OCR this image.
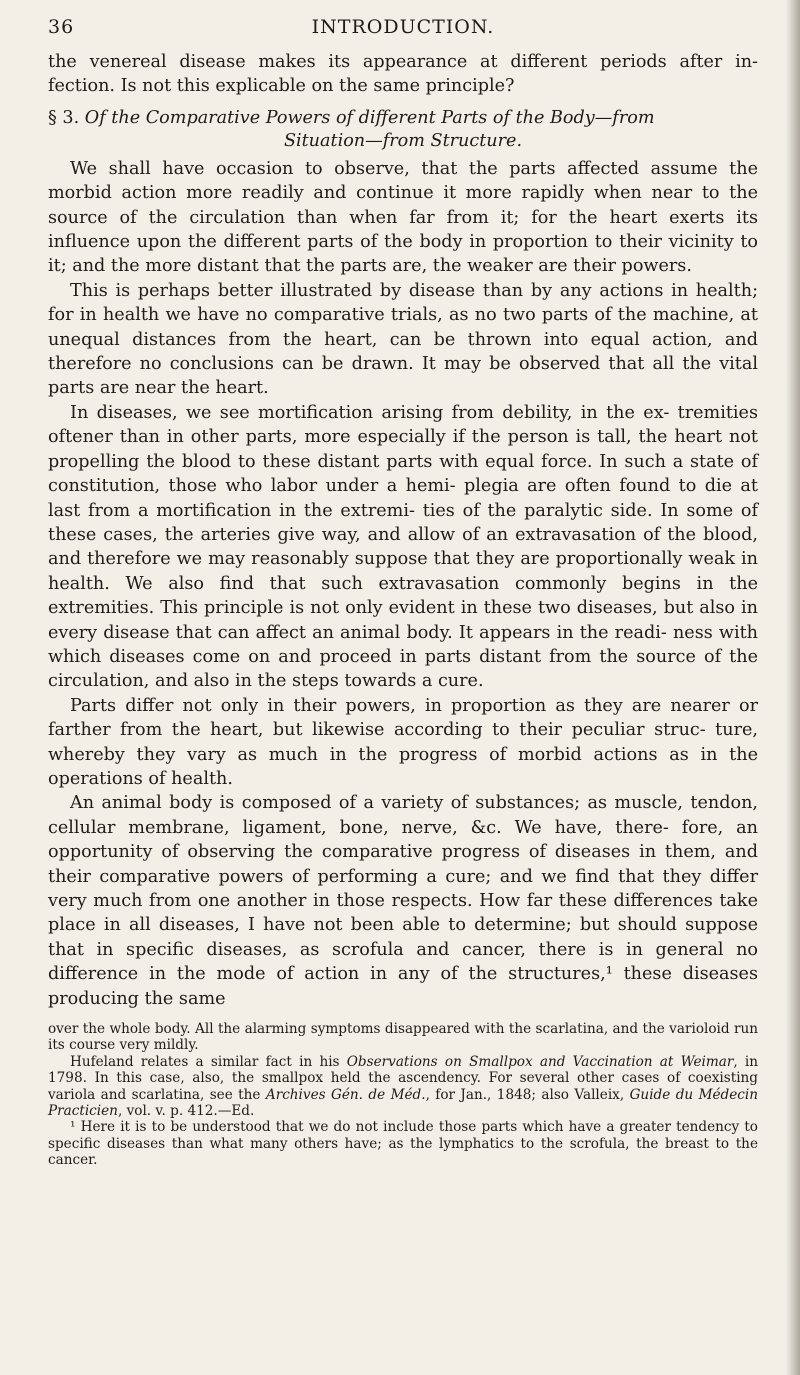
36	INTRODUCTION.

the venereal disease makes its appearance at different periods after in- fection. Is not this explicable on the same principle?

§ 3. Of the Comparative Powers of different Parts of the Body—from
Situation—from Structure.

We shall have occasion to observe, that the parts affected assume the morbid action more readily and continue it more rapidly when near to the source of the circulation than when far from it; for the heart exerts its influence upon the different parts of the body in proportion to their vicinity to it; and the more distant that the parts are, the weaker are their powers.

This is perhaps better illustrated by disease than by any actions in health; for in health we have no comparative trials, as no two parts of the machine, at unequal distances from the heart, can be thrown into equal action, and therefore no conclusions can be drawn. It may be observed that all the vital parts are near the heart.

In diseases, we see mortification arising from debility, in the ex- tremities oftener than in other parts, more especially if the person is tall, the heart not propelling the blood to these distant parts with equal force. In such a state of constitution, those who labor under a hemi- plegia are often found to die at last from a mortification in the extremi- ties of the paralytic side. In some of these cases, the arteries give way, and allow of an extravasation of the blood, and therefore we may reasonably suppose that they are proportionally weak in health. We also find that such extravasation commonly begins in the extremities. This principle is not only evident in these two diseases, but also in every disease that can affect an animal body. It appears in the readi- ness with which diseases come on and proceed in parts distant from the source of the circulation, and also in the steps towards a cure.

Parts differ not only in their powers, in proportion as they are nearer or farther from the heart, but likewise according to their peculiar struc- ture, whereby they vary as much in the progress of morbid actions as in the operations of health.

An animal body is composed of a variety of substances; as muscle, tendon, cellular membrane, ligament, bone, nerve, &c. We have, there- fore, an opportunity of observing the comparative progress of diseases in them, and their comparative powers of performing a cure; and we find that they differ very much from one another in those respects. How far these differences take place in all diseases, I have not been able to determine; but should suppose that in specific diseases, as scrofula and cancer, there is in general no difference in the mode of action in any of the structures,¹ these diseases producing the same

over the whole body. All the alarming symptoms disappeared with the scarlatina, and the varioloid run its course very mildly.

Hufeland relates a similar fact in his Observations on Smallpox and Vaccination at Weimar, in 1798. In this case, also, the smallpox held the ascendency. For several other cases of coexisting variola and scarlatina, see the Archives Gén. de Méd., for Jan., 1848; also Valleix, Guide du Médecin Practicien, vol. v. p. 412.—Ed.

¹ Here it is to be understood that we do not include those parts which have a greater tendency to specific diseases than what many others have; as the lymphatics to the scrofula, the breast to the cancer.
